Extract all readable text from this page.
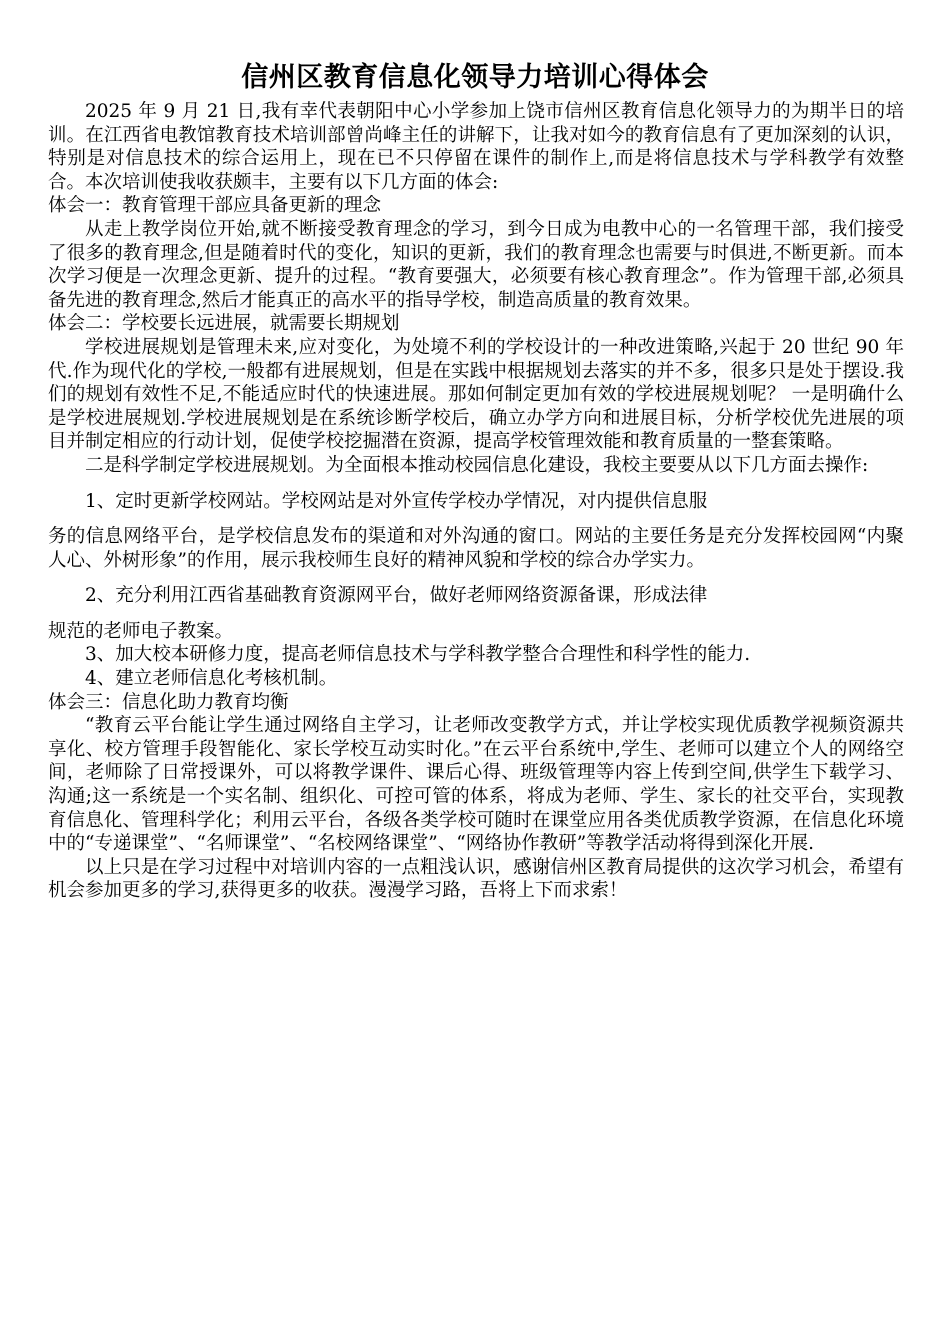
信州区教育信息化领导力培训心得体会

2025 年 9 月 21 日,我有幸代表朝阳中心小学参加上饶市信州区教育信息化领导力的为期半日的培训。在江西省电教馆教育技术培训部曾尚峰主任的讲解下，让我对如今的教育信息有了更加深刻的认识，特别是对信息技术的综合运用上，现在已不只停留在课件的制作上,而是将信息技术与学科教学有效整合。本次培训使我收获颇丰，主要有以下几方面的体会:

体会一：教育管理干部应具备更新的理念

从走上教学岗位开始,就不断接受教育理念的学习，到今日成为电教中心的一名管理干部，我们接受了很多的教育理念,但是随着时代的变化，知识的更新，我们的教育理念也需要与时俱进,不断更新。而本次学习便是一次理念更新、提升的过程。“教育要强大，必须要有核心教育理念”。作为管理干部,必须具备先进的教育理念,然后才能真正的高水平的指导学校，制造高质量的教育效果。

体会二：学校要长远进展，就需要长期规划

学校进展规划是管理未来,应对变化，为处境不利的学校设计的一种改进策略,兴起于 20 世纪 90 年代.作为现代化的学校,一般都有进展规划，但是在实践中根据规划去落实的并不多，很多只是处于摆设.我们的规划有效性不足,不能适应时代的快速进展。那如何制定更加有效的学校进展规划呢？ 一是明确什么是学校进展规划.学校进展规划是在系统诊断学校后，确立办学方向和进展目标，分析学校优先进展的项目并制定相应的行动计划，促使学校挖掘潜在资源，提高学校管理效能和教育质量的一整套策略。

二是科学制定学校进展规划。为全面根本推动校园信息化建设，我校主要要从以下几方面去操作:

1、定时更新学校网站。学校网站是对外宣传学校办学情况，对内提供信息服

务的信息网络平台，是学校信息发布的渠道和对外沟通的窗口。网站的主要任务是充分发挥校园网“内聚人心、外树形象”的作用，展示我校师生良好的精神风貌和学校的综合办学实力。

2、充分利用江西省基础教育资源网平台，做好老师网络资源备课，形成法律

规范的老师电子教案。

3、加大校本研修力度，提高老师信息技术与学科教学整合合理性和科学性的能力.

4、建立老师信息化考核机制。

体会三：信息化助力教育均衡

“教育云平台能让学生通过网络自主学习，让老师改变教学方式，并让学校实现优质教学视频资源共享化、校方管理手段智能化、家长学校互动实时化。”在云平台系统中,学生、老师可以建立个人的网络空间，老师除了日常授课外，可以将教学课件、课后心得、班级管理等内容上传到空间,供学生下载学习、沟通;这一系统是一个实名制、组织化、可控可管的体系，将成为老师、学生、家长的社交平台，实现教育信息化、管理科学化；利用云平台，各级各类学校可随时在课堂应用各类优质教学资源，在信息化环境中的“专递课堂”、“名师课堂”、“名校网络课堂”、“网络协作教研”等教学活动将得到深化开展.

以上只是在学习过程中对培训内容的一点粗浅认识，感谢信州区教育局提供的这次学习机会，希望有机会参加更多的学习,获得更多的收获。漫漫学习路，吾将上下而求索！
